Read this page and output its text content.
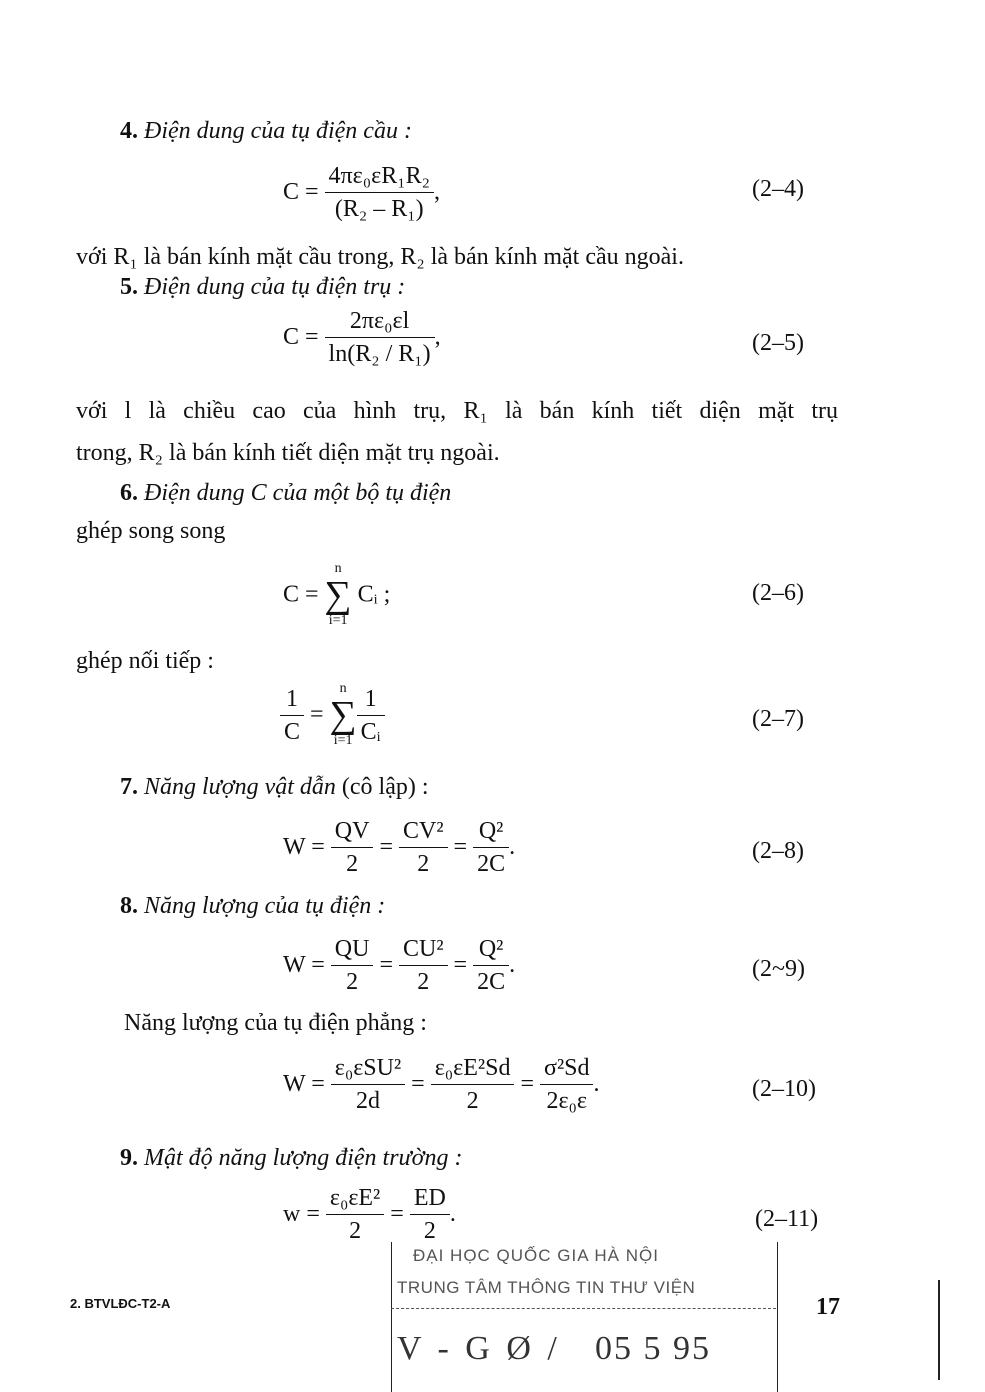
4. Điện dung của tụ điện cầu :
$C = \frac{\text{4πε₀εR₁R₂}}{\text{(R₂ – R₁)}}$ ,	(2–4)
với R₁ là bán kính mặt cầu trong, R₂ là bán kính mặt cầu ngoài.
5. Điện dung của tụ điện trụ :
$C = \frac{\text{2πε₀εl}}{\text{ln(R₂ / R₁)}}$ ,	(2–5)
với l là chiều cao của hình trụ, R₁ là bán kính tiết diện mặt trụ
trong, R₂ là bán kính tiết diện mặt trụ ngoài.
6. Điện dung C của một bộ tụ điện
ghép song song
C =
n
∑
i=1
Cᵢ ;	(2–6)
ghép nối tiếp :
$\frac{1}{C}$ =
n
∑
$i=1 \frac{1}{\text{Cᵢ}}$	(2–7)
7. Năng lượng vật dẫn (cô lập) :
$W = \frac{QV}{2} = \frac{\text{CV²}}{2} = \frac{\text{Q²}}{2C}$ .	(2–8)
8. Năng lượng của tụ điện :
$W = \frac{QU}{2} = \frac{\text{CU²}}{2} = \frac{\text{Q²}}{2C}$ .	(2~9)
Năng lượng của tụ điện phẳng :
$W = \frac{\text{ε₀εSU²}}{2d} = \frac{\text{ε₀εE²Sd}}{2} = \frac{\text{σ²Sd}}{\text{2ε₀ε}}$ .	(2–10)
9. Mật độ năng lượng điện trường :
$w = \frac{\text{ε₀εE²}}{2} = \frac{ED}{2}$ .	(2–11)
ĐẠI HỌC QUỐC GIA HÀ NỘI
TRUNG TÂM THÔNG TIN THƯ VIỆN
V - G Ø / 05 5 95
2. BTVLĐC-T2-A	17
